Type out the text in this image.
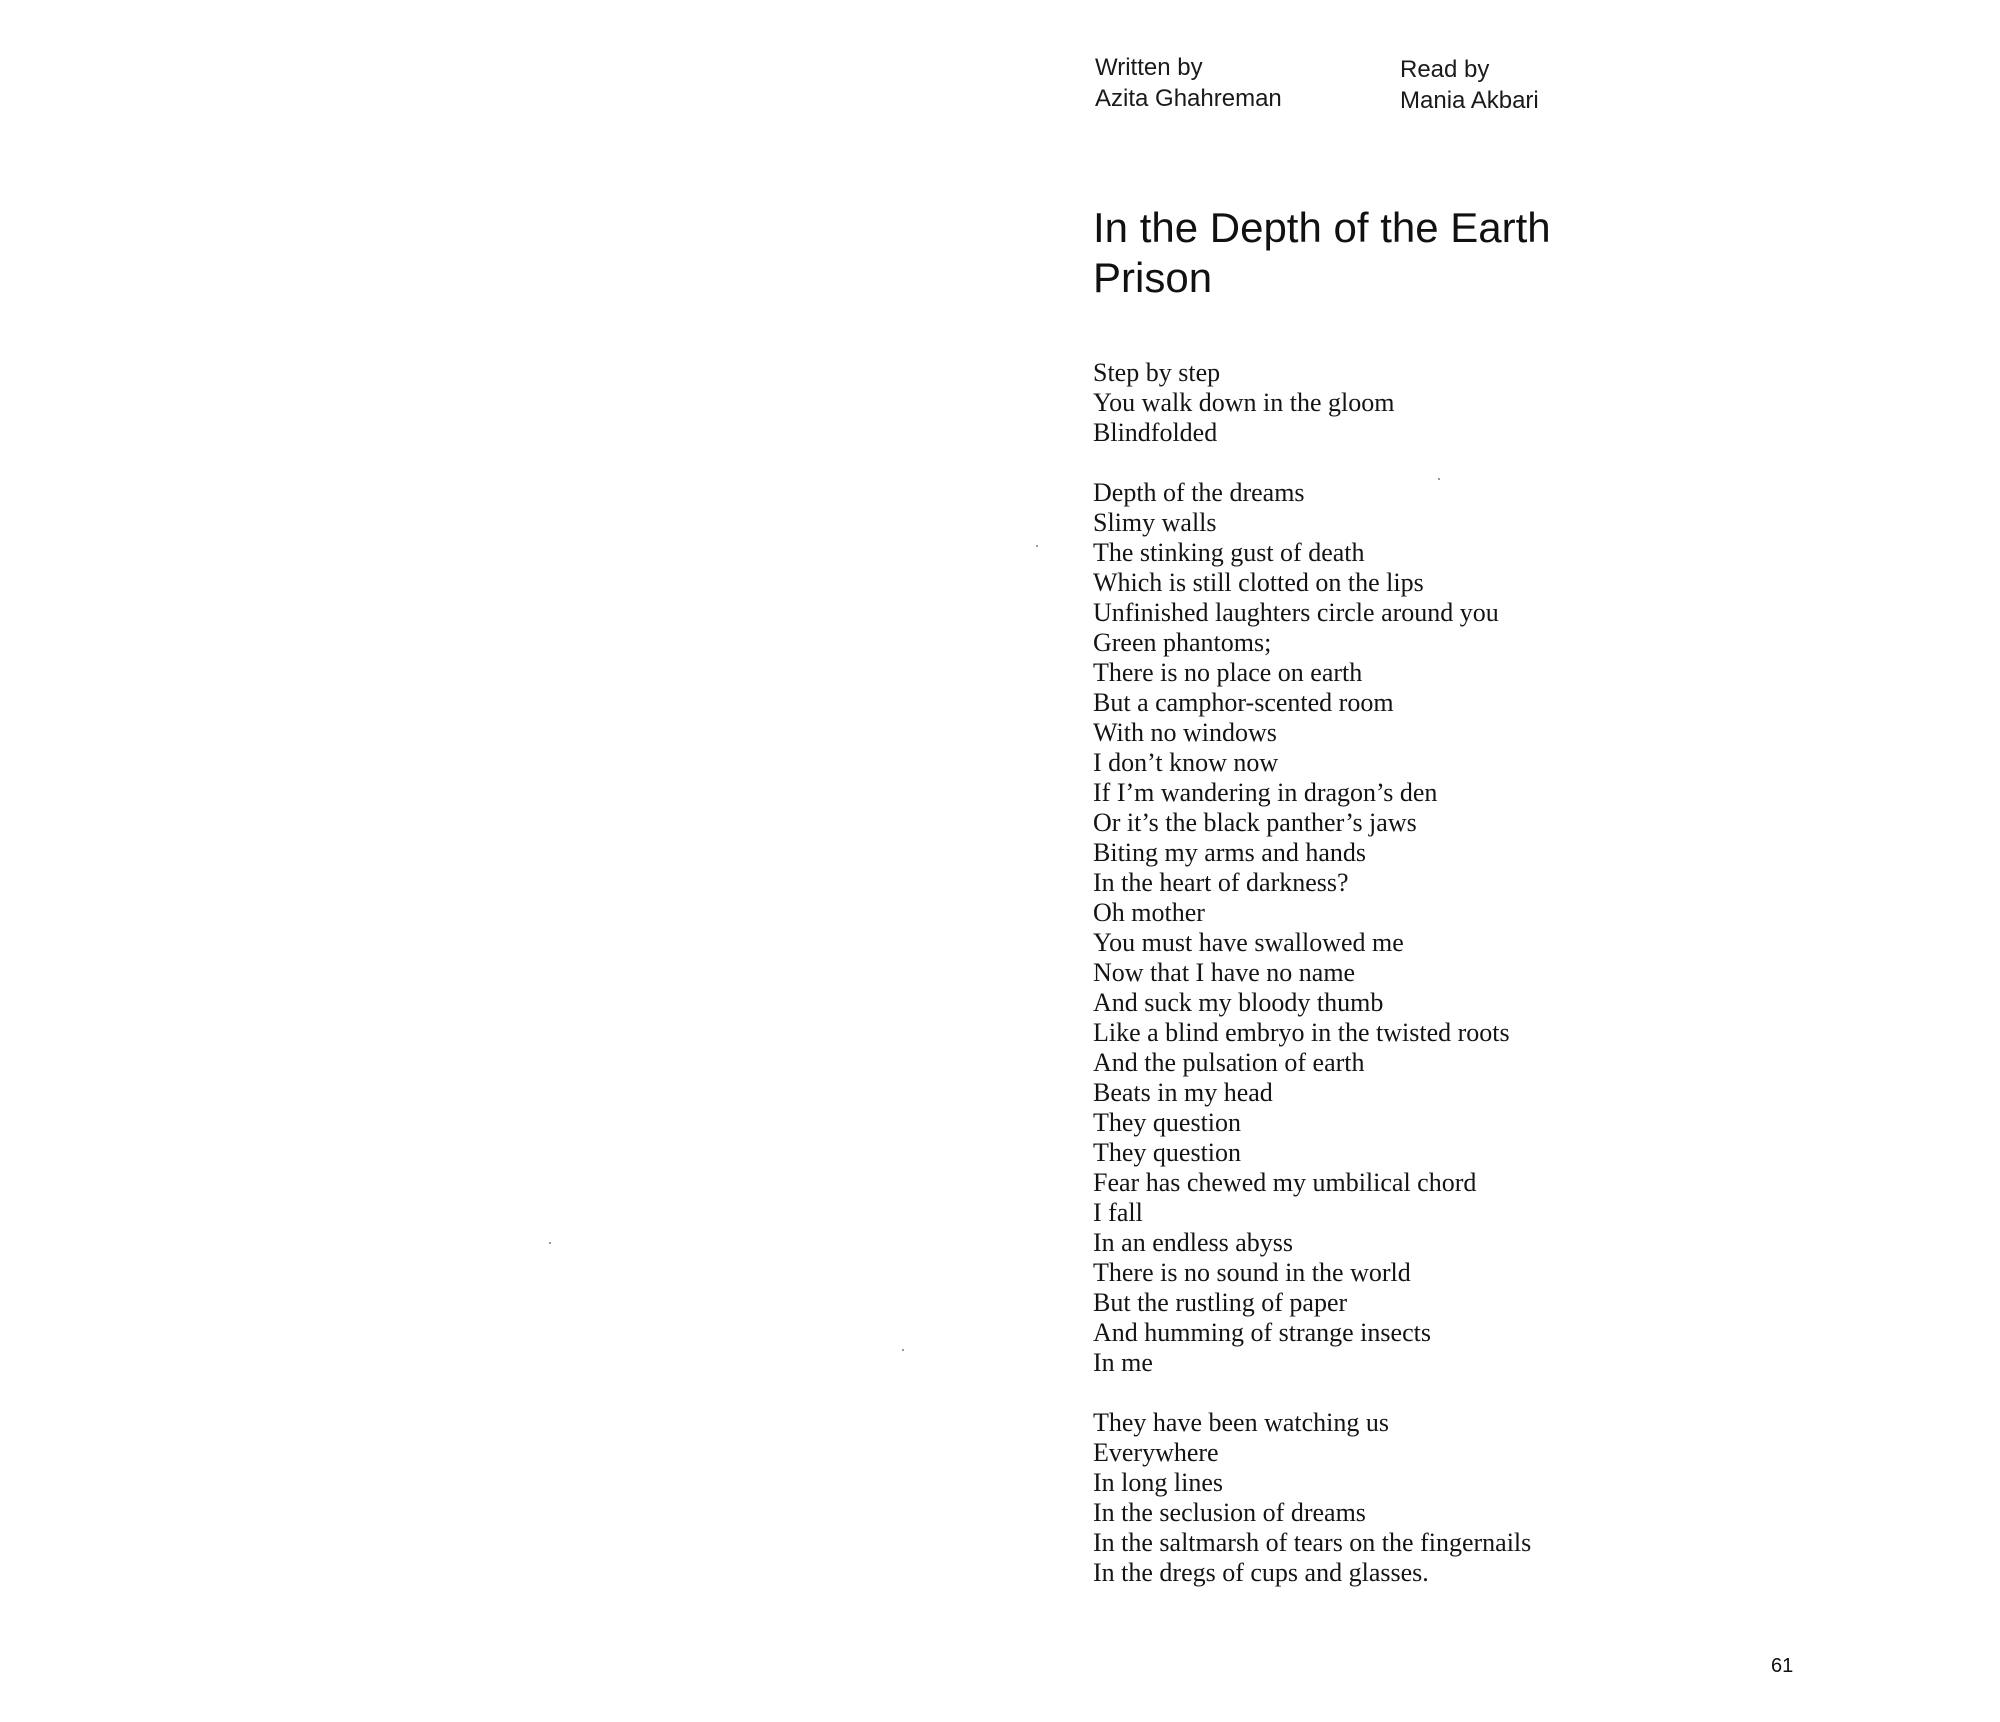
Written by
Azita Ghahreman
Read by
Mania Akbari
In the Depth of the Earth
Prison
Step by step
You walk down in the gloom
Blindfolded
Depth of the dreams
Slimy walls
The stinking gust of death
Which is still clotted on the lips
Unfinished laughters circle around you
Green phantoms;
There is no place on earth
But a camphor-scented room
With no windows
I don’t know now
If I’m wandering in dragon’s den
Or it’s the black panther’s jaws
Biting my arms and hands
In the heart of darkness?
Oh mother
You must have swallowed me
Now that I have no name
And suck my bloody thumb
Like a blind embryo in the twisted roots
And the pulsation of earth
Beats in my head
They question
They question
Fear has chewed my umbilical chord
I fall
In an endless abyss
There is no sound in the world
But the rustling of paper
And humming of strange insects
In me
They have been watching us
Everywhere
In long lines
In the seclusion of dreams
In the saltmarsh of tears on the fingernails
In the dregs of cups and glasses.
61
